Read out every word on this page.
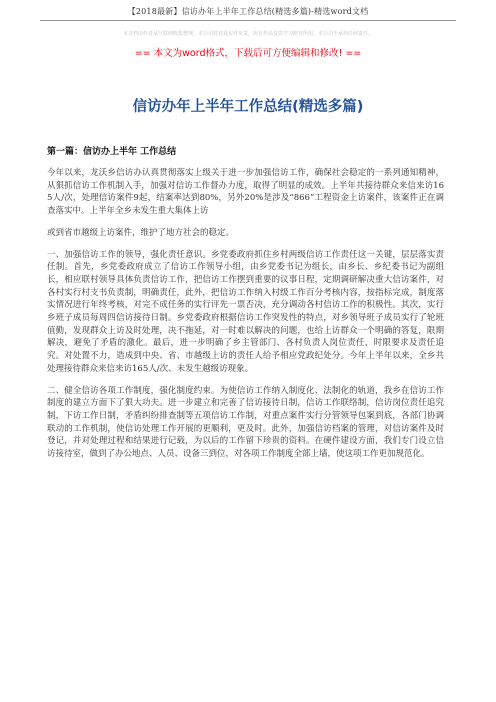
【2018最新】信访办年上半年工作总结(精选多篇)-精选word文档
本文档由作者从互联网收集整理，本公司对其真实性负责，所有作品仅供学习研究所用，本公司不承担任何责任。
== 本文为word格式，下载后可方便编辑和修改! ==
信访办年上半年工作总结(精选多篇)
第一篇：信访办上半年 工作总结
今年以来，龙沃乡信访办认真贯彻落实上级关于进一步加强信访工作，确保社会稳定的一系列通知精神，从狠抓信访工作机制入手，加强对信访工作督办力度，取得了明显的成效。上半年共接待群众来信来访165人/次，处理信访案件9起，结案率达到80%，另外20%是涉及“866”工程资金上访案件，该案件正在调查落实中。上半年全乡未发生重大集体上访
或到省市越级上访案件，维护了地方社会的稳定。
一、加强信访工作的领导，强化责任意识。乡党委政府抓住乡村两级信访工作责任这一关键，层层落实责任制。首先，乡党委政府成立了信访工作领导小组，由乡党委书记为组长，由乡长、乡纪委书记为副组长，相应联村领导具体负责信访工作，把信访工作摆到重要的议事日程，定期调研解决重大信访案件，对各村实行村支书负责制，明确责任，此外，把信访工作纳入村级工作百分考核内容，按指标完成，制度落实情况进行年终考核，对完不成任务的实行评先一票否决，充分调动各村信访工作的积极性。其次，实行乡班子成员每周四信访接待日制。乡党委政府根据信访工作突发性的特点，对乡领导班子成员实行了轮班值勤，发现群众上访及时处理，决不拖延，对一时难以解决的问题，也给上访群众一个明确的答复，限期解决，避免了矛盾的激化。最后，进一步明确了乡主管部门、各村负责人岗位责任，时限要求及责任追究。对处置不力，造成到中央、省、市越级上访的责任人给予相应党政纪处分。今年上半年以来，全乡共处理接待群众来信来访165人/次、未发生越级访现象。
二、健全信访各项工作制度，强化制度约束。为使信访工作纳入制度化、法制化的轨道，我乡在信访工作制度的建立方面下了狠大功夫。进一步建立和完善了信访接待日制，信访工作联络制，信访岗位责任追究制，下访工作日制，矛盾纠纷排查制等五项信访工作制，对重点案件实行分管领导包案到底，各部门协调联动的工作机制，使信访处理工作开展的更顺利，更及时。此外，加强信访档案的管理，对信访案件及时登记，并对处理过程和结果进行记载，为以后的工作留下珍贵的资料。在硬件建设方面，我们专门设立信访接待室，做到了办公地点、人员、设备三到位，对各项工作制度全部上墙，使这项工作更加规范化。
